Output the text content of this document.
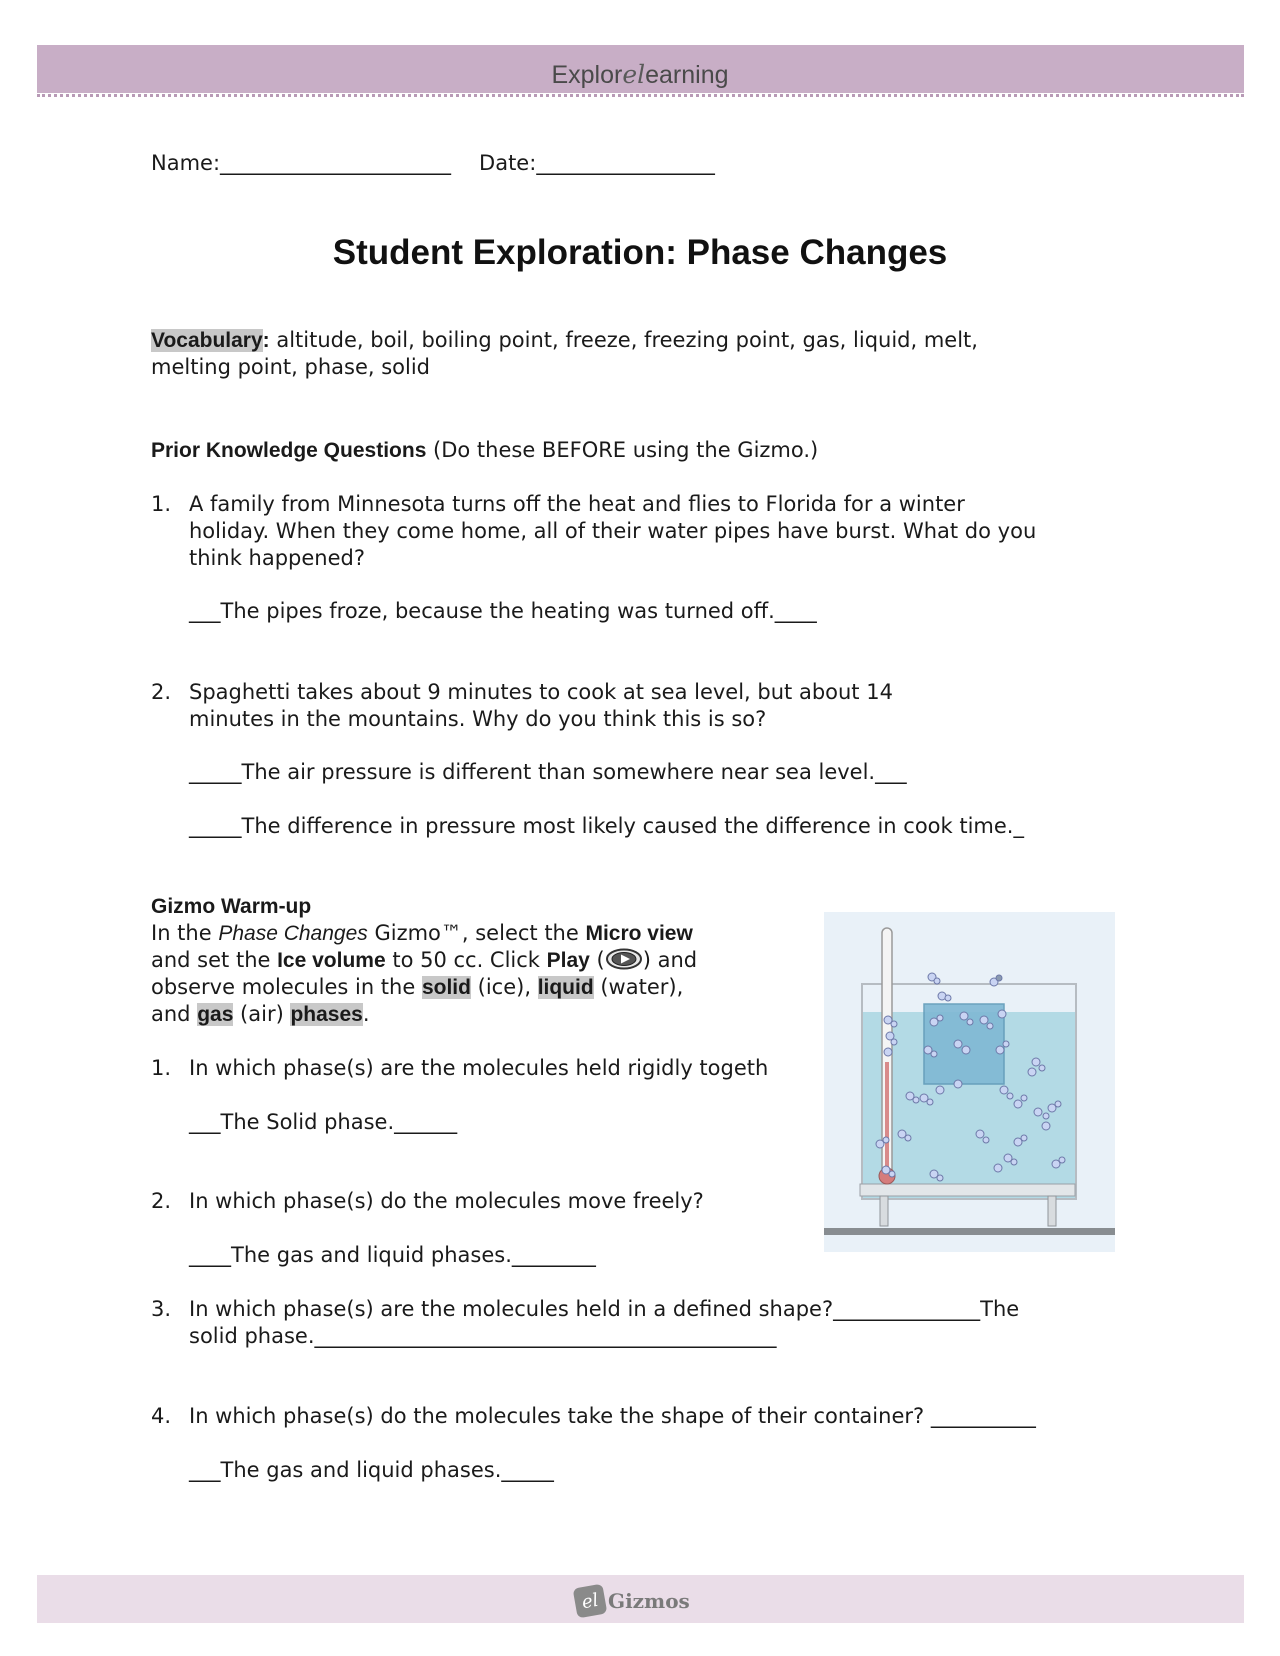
Explorelearning
Name:______________________ Date:_________________
Student Exploration: Phase Changes
Vocabulary: altitude, boil, boiling point, freeze, freezing point, gas, liquid, melt,
melting point, phase, solid
Prior Knowledge Questions (Do these BEFORE using the Gizmo.)
1. A family from Minnesota turns off the heat and flies to Florida for a winter
holiday. When they come home, all of their water pipes have burst. What do you
think happened?
___The pipes froze, because the heating was turned off.____
2. Spaghetti takes about 9 minutes to cook at sea level, but about 14
minutes in the mountains. Why do you think this is so?
_____The air pressure is different than somewhere near sea level.___
_____The difference in pressure most likely caused the difference in cook time._
Gizmo Warm-up
In the Phase Changes Gizmo™, select the Micro view
and set the Ice volume to 50 cc. Click Play ( ) and
observe molecules in the solid (ice), liquid (water),
and gas (air) phases.
1. In which phase(s) are the molecules held rigidly togeth
___The Solid phase.______
2. In which phase(s) do the molecules move freely?
____The gas and liquid phases.________
3. In which phase(s) are the molecules held in a defined shape?______________The
solid phase.____________________________________________
4. In which phase(s) do the molecules take the shape of their container? __________
___The gas and liquid phases._____
el Gizmos
